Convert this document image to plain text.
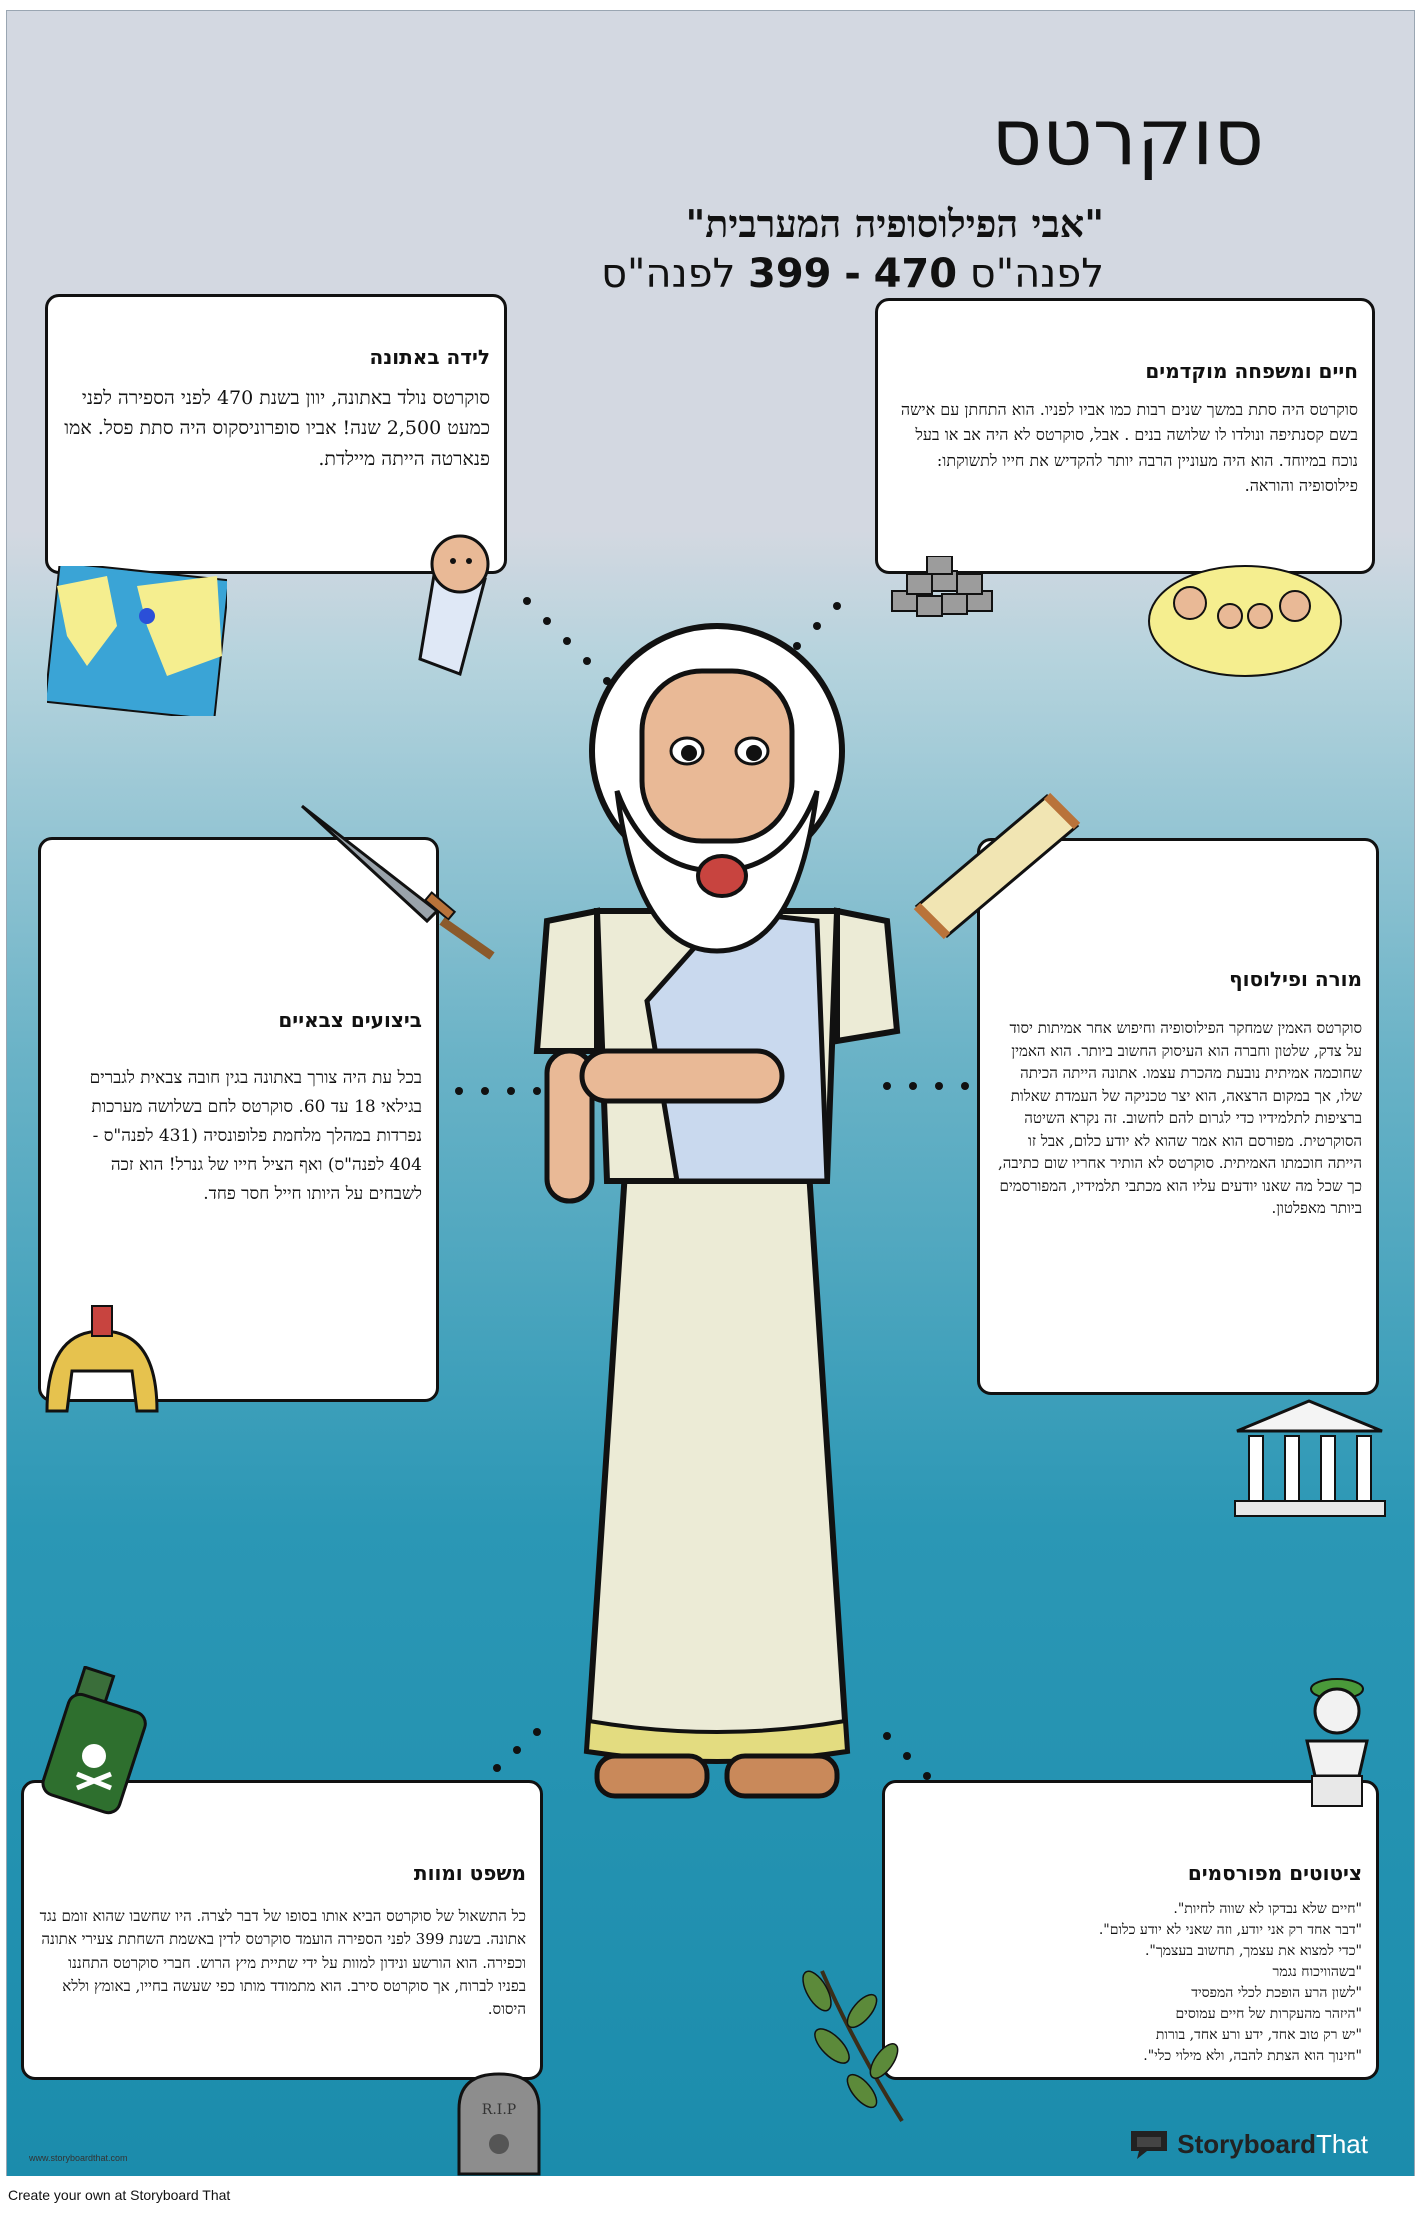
סוקרטס
"אבי הפילוסופיה המערבית"
לפנה"ס 470 - 399 לפנה"ס
לידה באתונה

סוקרטס נולד באתונה, יוון בשנת 470 לפני הספירה לפני כמעט 2,500 שנה! אביו סופרוניסקוס היה סתת פסל. אמו פנארטה הייתה מיילדת.

חיים ומשפחה מוקדמים

סוקרטס היה סתת במשך שנים רבות כמו אביו לפניו. הוא התחתן עם אישה בשם קסנתיפה ונולדו לו שלושה בנים . אבל, סוקרטס לא היה אב או בעל נוכח במיוחד. הוא היה מעוניין הרבה יותר להקדיש את חייו לתשוקתו: פילוסופיה והוראה.

ביצועים צבאיים

בכל עת היה צורך באתונה בגין חובה צבאית לגברים בגילאי 18 עד 60. סוקרטס לחם בשלושה מערכות נפרדות במהלך מלחמת פלופונסיה (431 לפנה"ס - 404 לפנה"ס) ואף הציל חייו של גנרל! הוא זכה לשבחים על היותו חייל חסר פחד.

מורה ופילוסוף

סוקרטס האמין שמחקר הפילוסופיה וחיפוש אחר אמיתות יסוד על צדק, שלטון וחברה הוא העיסוק החשוב ביותר. הוא האמין שחוכמה אמיתית נובעת מהכרת עצמו. אתונה הייתה הכיתה שלו, אך במקום הרצאה, הוא יצר טכניקה של העמדת שאלות ברציפות לתלמידיו כדי לגרום להם לחשוב. זה נקרא השיטה הסוקרטית. מפורסם הוא אמר שהוא לא יודע כלום, אבל זו הייתה חוכמתו האמיתית. סוקרטס לא הותיר אחריו שום כתיבה, כך שכל מה שאנו יודעים עליו הוא מכתבי תלמידיו, המפורסמים ביותר מאפלטון.

משפט ומוות

כל התשאול של סוקרטס הביא אותו בסופו של דבר לצרה. היו שחשבו שהוא זומם נגד אתונה. בשנת 399 לפני הספירה הועמד סוקרטס לדין באשמת השחתת צעירי אתונה וכפירה. הוא הורשע ונידון למוות על ידי שתיית מיץ הרוש. חברי סוקרטס התחננו בפניו לברוח, אך סוקרטס סירב. הוא מתמודד מותו כפי שעשה בחייו, באומץ וללא היסוס.

ציטוטים מפורסמים
"חיים שלא נבדקו לא שווה לחיות".
"דבר אחד רק אני יודע, וזה שאני לא יודע כלום".
"כדי למצוא את עצמך, תחשוב בעצמך".
"בשהוויכוח נגמר
"לשון הרע הופכת לכלי המפסיד
"היזהר מהעקרות של חיים עמוסים
"יש רק טוב אחד, ידע ורע אחד, בורות
"חינוך הוא הצתת להבה, ולא מילוי כלי".
R.I.P
www.storyboardthat.com	StoryboardThat
Create your own at Storyboard That
